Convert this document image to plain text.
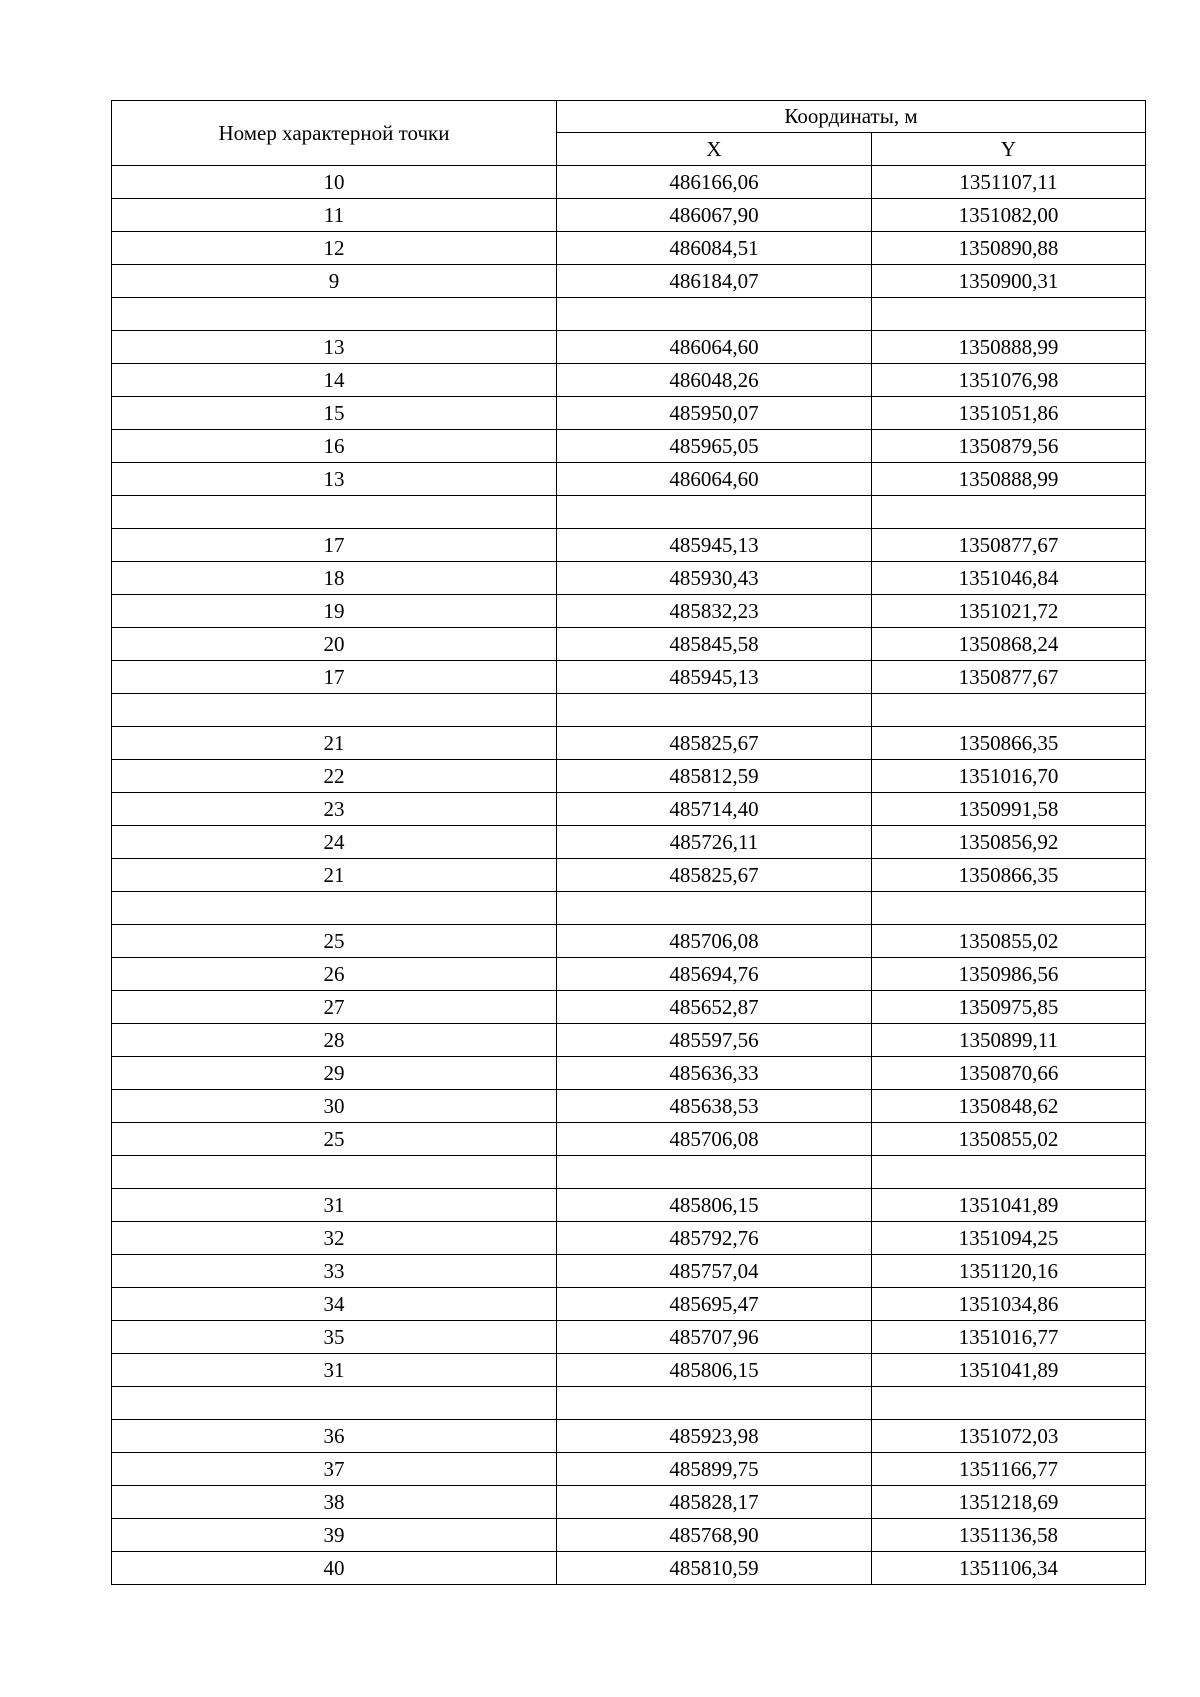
Номер характерной точки	Координаты, м	
	X	Y
10	486166,06	1351107,11
11	486067,90	1351082,00
12	486084,51	1350890,88
9	486184,07	1350900,31

13	486064,60	1350888,99
14	486048,26	1351076,98
15	485950,07	1351051,86
16	485965,05	1350879,56
13	486064,60	1350888,99

17	485945,13	1350877,67
18	485930,43	1351046,84
19	485832,23	1351021,72
20	485845,58	1350868,24
17	485945,13	1350877,67

21	485825,67	1350866,35
22	485812,59	1351016,70
23	485714,40	1350991,58
24	485726,11	1350856,92
21	485825,67	1350866,35

25	485706,08	1350855,02
26	485694,76	1350986,56
27	485652,87	1350975,85
28	485597,56	1350899,11
29	485636,33	1350870,66
30	485638,53	1350848,62
25	485706,08	1350855,02

31	485806,15	1351041,89
32	485792,76	1351094,25
33	485757,04	1351120,16
34	485695,47	1351034,86
35	485707,96	1351016,77
31	485806,15	1351041,89

36	485923,98	1351072,03
37	485899,75	1351166,77
38	485828,17	1351218,69
39	485768,90	1351136,58
40	485810,59	1351106,34
